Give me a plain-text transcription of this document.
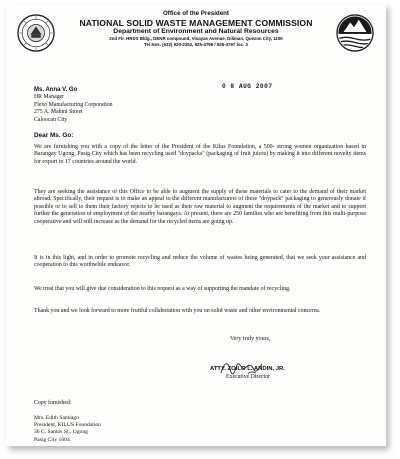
Office of the President
NATIONAL SOLID WASTE MANAGEMENT COMMISSION
Department of Environment and Natural Resources
2nd Flr. HRDS Bldg., DENR compound, Visayas Avenue, Diliman, Quezon City, 1100
Tel Nos. (632) 920-2252, 925-4796 / 925-4797 loc. 3
0 8 AUG 2007
Ms. Anna V. Go
HR Manager
Flexo Manufacturing Corporation
275 A. Mabini Street
Caloocan City
Dear Ms. Go:
We are furnishing you with a copy of the letter of the President of the Kilus Foundation, a 500- strong women organization based in Barangay Ugong, Pasig City which has been recycling used "doypacks" (packaging of fruit juices) by making it into different novelty items for export to 17 countries around the world.
They are seeking the assistance of this Office to be able to augment the supply of these materials to cater to the demand of their market abroad. Specifically, their request is to make an appeal to the different manufacturers of these "doypack" packaging to generously donate if possible or to sell to them their factory rejects to be used as their raw material to augment the requirements of the market and to support further the generation of employment of the nearby barangays. At present, there are 250 families who are benefiting from this multi-purpose cooperative and will still increase as the demand for the recycled items are going up.
It is in this light, and in order to promote recycling and reduce the volume of wastes being generated, that we seek your assistance and cooperation to this worthwhile endeavor.
We trust that you will give due consideration to this request as a way of supporting the mandate of recycling.
Thank you and we look forward to more fruitful collaboration with you on solid waste and other environmental concerns.
Very truly yours,
ATTY. ZOILO L. ANDIN, JR.
Executive Director
Copy furnished:
Mrs. Edith Santiago
President, KILUS Foundation
36 C. Santos St., Ugong
Pasig City 1604
